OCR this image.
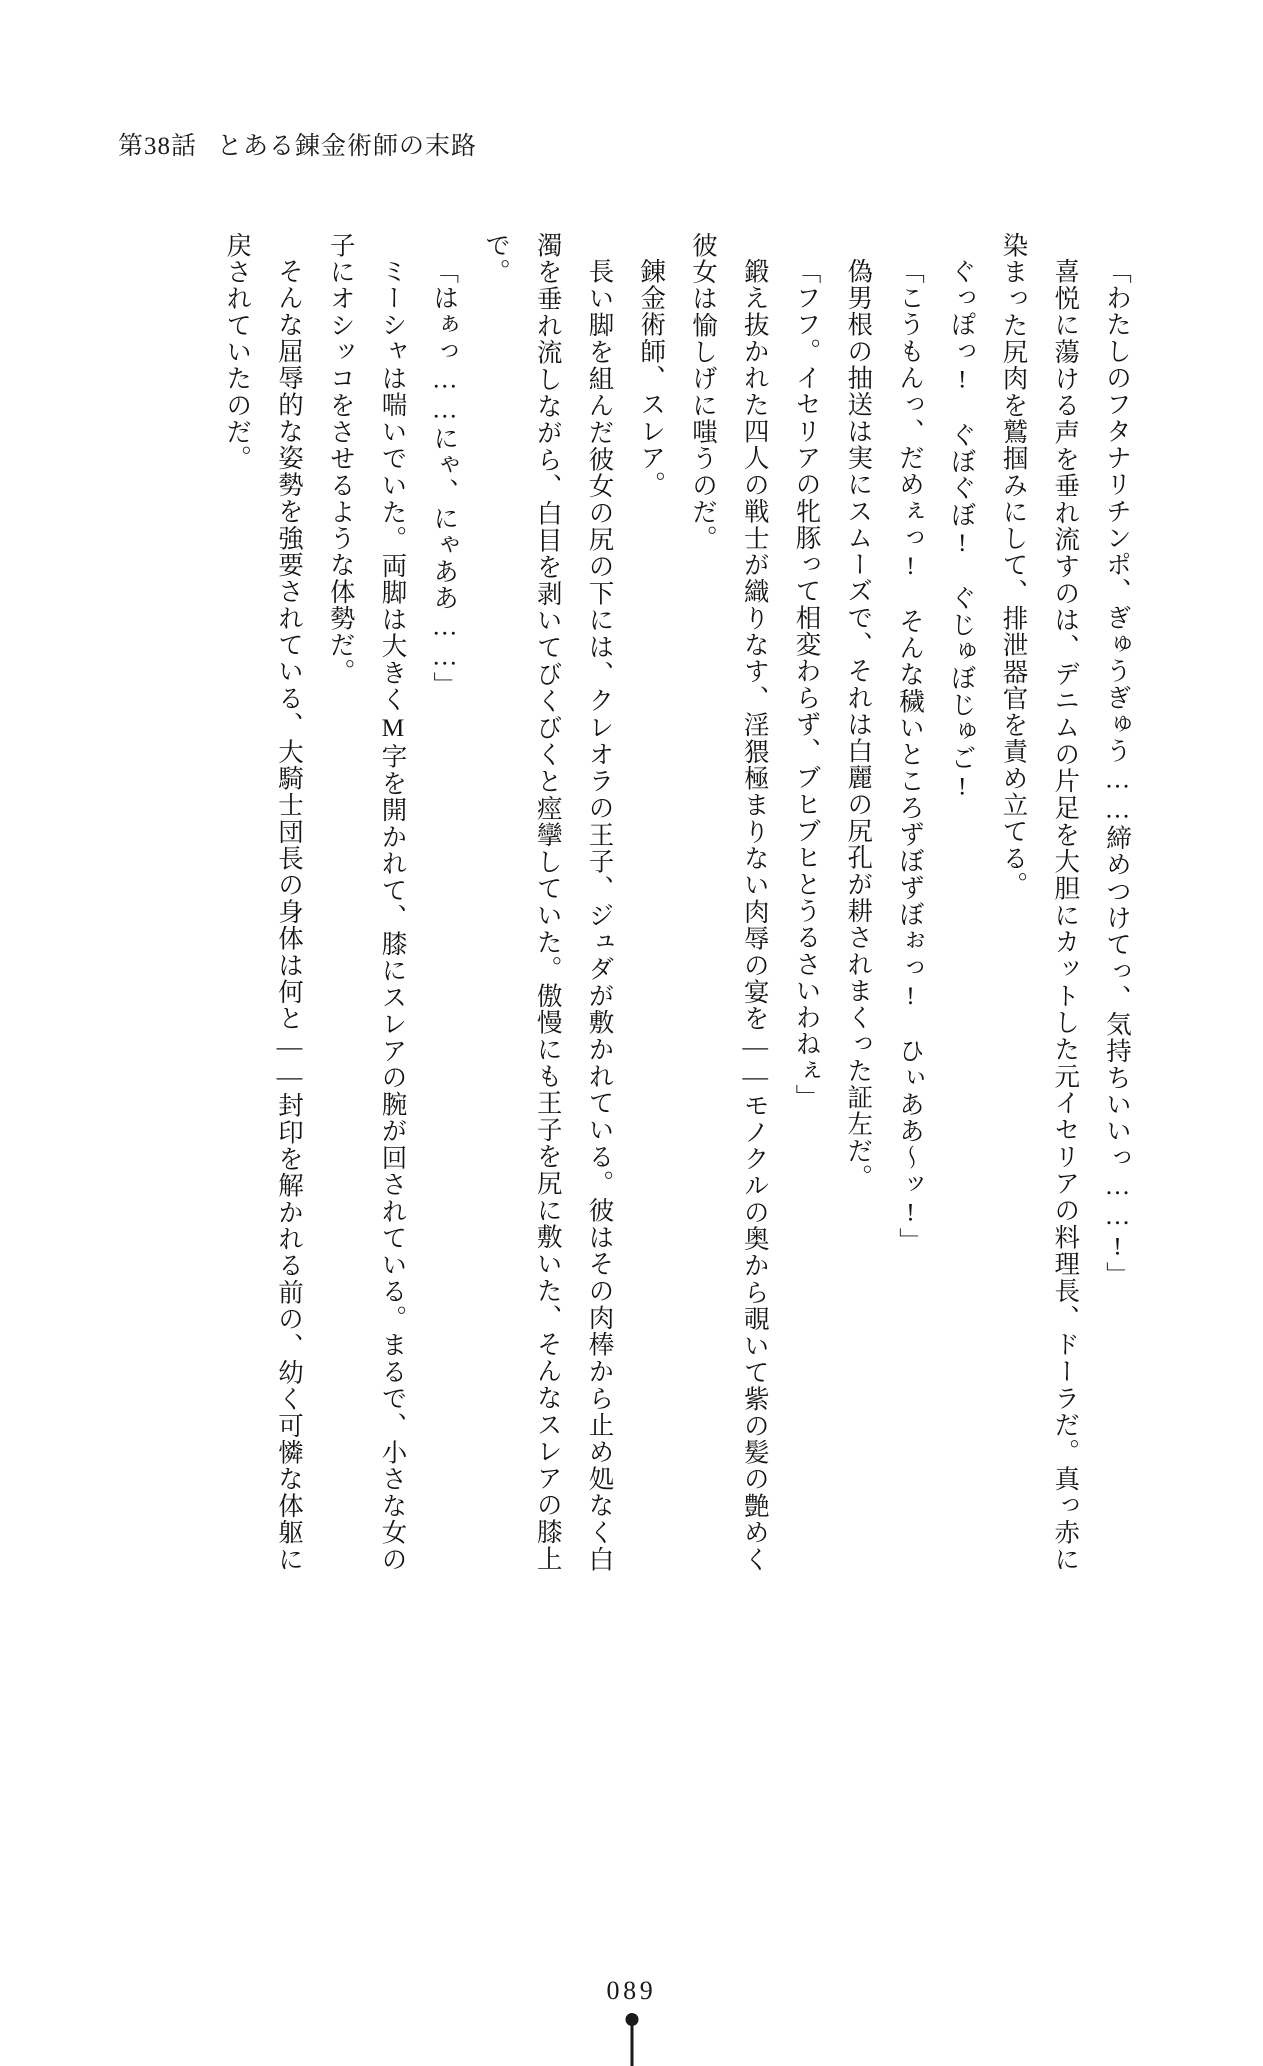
第38話 とある錬金術師の末路

「わたしのフタナリチンポ、ぎゅうぎゅう……締めつけてっ、気持ちいいっ……!」

喜悦に蕩ける声を垂れ流すのは、デニムの片足を大胆にカットした元イセリアの料理長、ドーラだ。真っ赤に染まった尻肉を鷲掴みにして、排泄器官を責め立てる。

ぐっぽっ!　ぐぼぐぼ!　ぐじゅぼじゅご!

「こうもんっ、だめぇっ!　そんな穢いところずぼずぼぉっ!　ひぃああ〜ッ!」

偽男根の抽送は実にスムーズで、それは白麗の尻孔が耕されまくった証左だ。

「フフ。イセリアの牝豚って相変わらず、ブヒブヒとうるさいわねぇ」

鍛え抜かれた四人の戦士が織りなす、淫猥極まりない肉辱の宴を——モノクルの奥から覗いて紫の髪の艶めく彼女は愉しげに嗤うのだ。

錬金術師、スレア。

長い脚を組んだ彼女の尻の下には、クレオラの王子、ジュダが敷かれている。彼はその肉棒から止め処なく白濁を垂れ流しながら、白目を剥いてびくびくと痙攣していた。傲慢にも王子を尻に敷いた、そんなスレアの膝上で。

「はぁっ……にゃ、にゃああ……」

ミーシャは喘いでいた。両脚は大きくM字を開かれて、膝にスレアの腕が回されている。まるで、小さな女の子にオシッコをさせるような体勢だ。

そんな屈辱的な姿勢を強要されている、大騎士団長の身体は何と——封印を解かれる前の、幼く可憐な体躯に戻されていたのだ。

089
